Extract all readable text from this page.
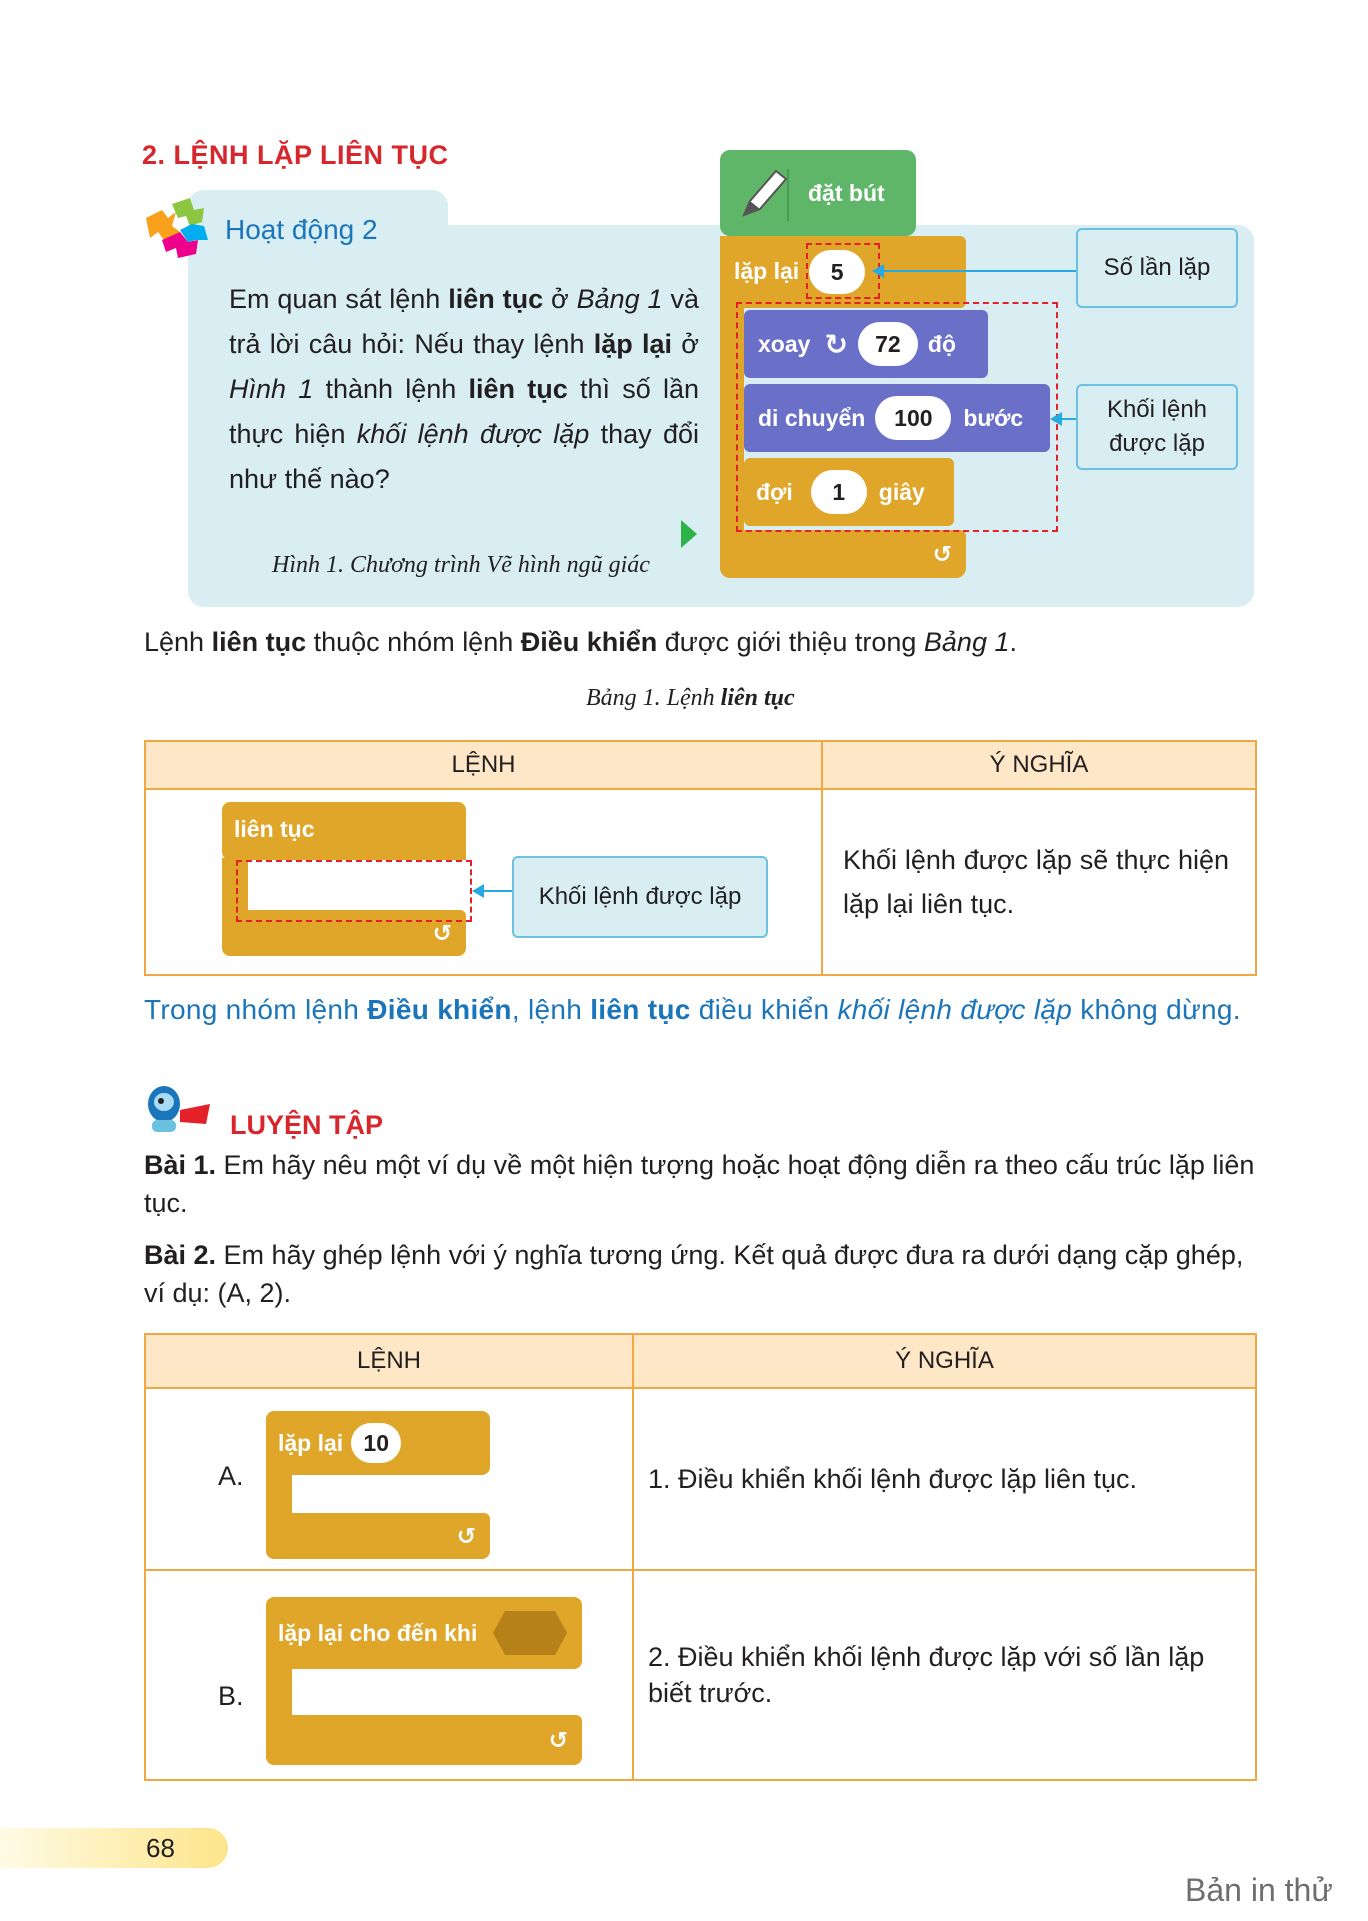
2. LỆNH LẶP LIÊN TỤC
Hoạt động 2
Em quan sát lệnh liên tục ở Bảng 1 và trả lời câu hỏi: Nếu thay lệnh lặp lại ở Hình 1 thành lệnh liên tục thì số lần thực hiện khối lệnh được lặp thay đổi như thế nào?
Hình 1. Chương trình Vẽ hình ngũ giác
đặt bút
lặp lại	5
↺
xoay ↻	72	độ
di chuyển	100	bước
đợi	1	giây
Số lần lặp
Khối lệnh được lặp
Lệnh liên tục thuộc nhóm lệnh Điều khiển được giới thiệu trong Bảng 1.
Bảng 1. Lệnh liên tục
LỆNH	Ý NGHĨA

liên tục
↺
Khối lệnh được lặp	Khối lệnh được lặp sẽ thực hiện lặp lại liên tục.
Trong nhóm lệnh Điều khiển, lệnh liên tục điều khiển khối lệnh được lặp không dừng.
LUYỆN TẬP
Bài 1. Em hãy nêu một ví dụ về một hiện tượng hoặc hoạt động diễn ra theo cấu trúc lặp liên tục.
Bài 2. Em hãy ghép lệnh với ý nghĩa tương ứng. Kết quả được đưa ra dưới dạng cặp ghép, ví dụ: (A, 2).
LỆNH	Ý NGHĨA

A.
lặp lại 10
↺	1. Điều khiển khối lệnh được lặp liên tục.

B.
lặp lại cho đến khi
↺	2. Điều khiển khối lệnh được lặp với số lần lặp biết trước.
68
Bản in thử
